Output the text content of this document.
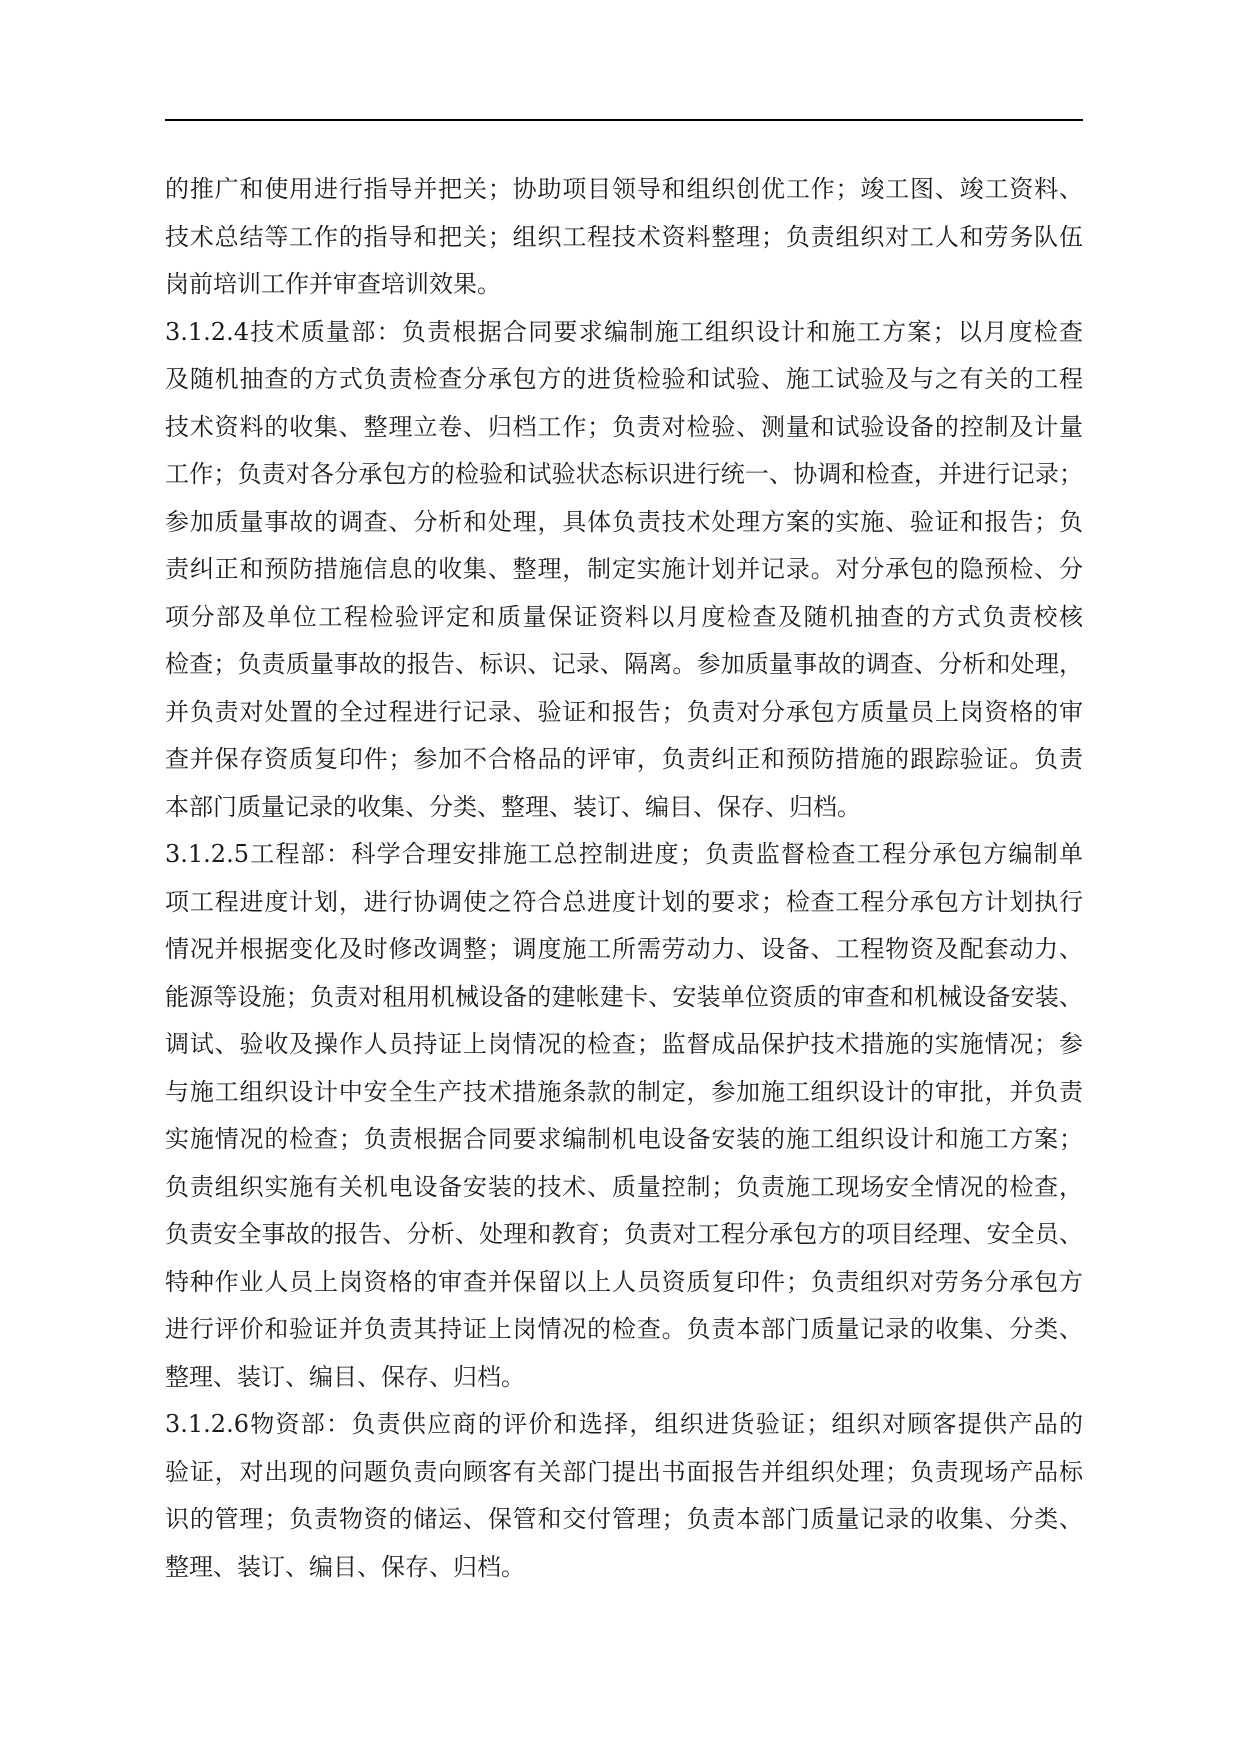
的推广和使用进行指导并把关；协助项目领导和组织创优工作；竣工图、竣工资料、
技术总结等工作的指导和把关；组织工程技术资料整理；负责组织对工人和劳务队伍
岗前培训工作并审查培训效果。
3.1.2.4技术质量部：负责根据合同要求编制施工组织设计和施工方案；以月度检查
及随机抽查的方式负责检查分承包方的进货检验和试验、施工试验及与之有关的工程
技术资料的收集、整理立卷、归档工作；负责对检验、测量和试验设备的控制及计量
工作；负责对各分承包方的检验和试验状态标识进行统一、协调和检查，并进行记录；
参加质量事故的调查、分析和处理，具体负责技术处理方案的实施、验证和报告；负
责纠正和预防措施信息的收集、整理，制定实施计划并记录。对分承包的隐预检、分
项分部及单位工程检验评定和质量保证资料以月度检查及随机抽查的方式负责校核
检查；负责质量事故的报告、标识、记录、隔离。参加质量事故的调查、分析和处理，
并负责对处置的全过程进行记录、验证和报告；负责对分承包方质量员上岗资格的审
查并保存资质复印件；参加不合格品的评审，负责纠正和预防措施的跟踪验证。负责
本部门质量记录的收集、分类、整理、装订、编目、保存、归档。
3.1.2.5工程部：科学合理安排施工总控制进度；负责监督检查工程分承包方编制单
项工程进度计划，进行协调使之符合总进度计划的要求；检查工程分承包方计划执行
情况并根据变化及时修改调整；调度施工所需劳动力、设备、工程物资及配套动力、
能源等设施；负责对租用机械设备的建帐建卡、安装单位资质的审查和机械设备安装、
调试、验收及操作人员持证上岗情况的检查；监督成品保护技术措施的实施情况；参
与施工组织设计中安全生产技术措施条款的制定，参加施工组织设计的审批，并负责
实施情况的检查；负责根据合同要求编制机电设备安装的施工组织设计和施工方案；
负责组织实施有关机电设备安装的技术、质量控制；负责施工现场安全情况的检查，
负责安全事故的报告、分析、处理和教育；负责对工程分承包方的项目经理、安全员、
特种作业人员上岗资格的审查并保留以上人员资质复印件；负责组织对劳务分承包方
进行评价和验证并负责其持证上岗情况的检查。负责本部门质量记录的收集、分类、
整理、装订、编目、保存、归档。
3.1.2.6物资部：负责供应商的评价和选择，组织进货验证；组织对顾客提供产品的
验证，对出现的问题负责向顾客有关部门提出书面报告并组织处理；负责现场产品标
识的管理；负责物资的储运、保管和交付管理；负责本部门质量记录的收集、分类、
整理、装订、编目、保存、归档。
